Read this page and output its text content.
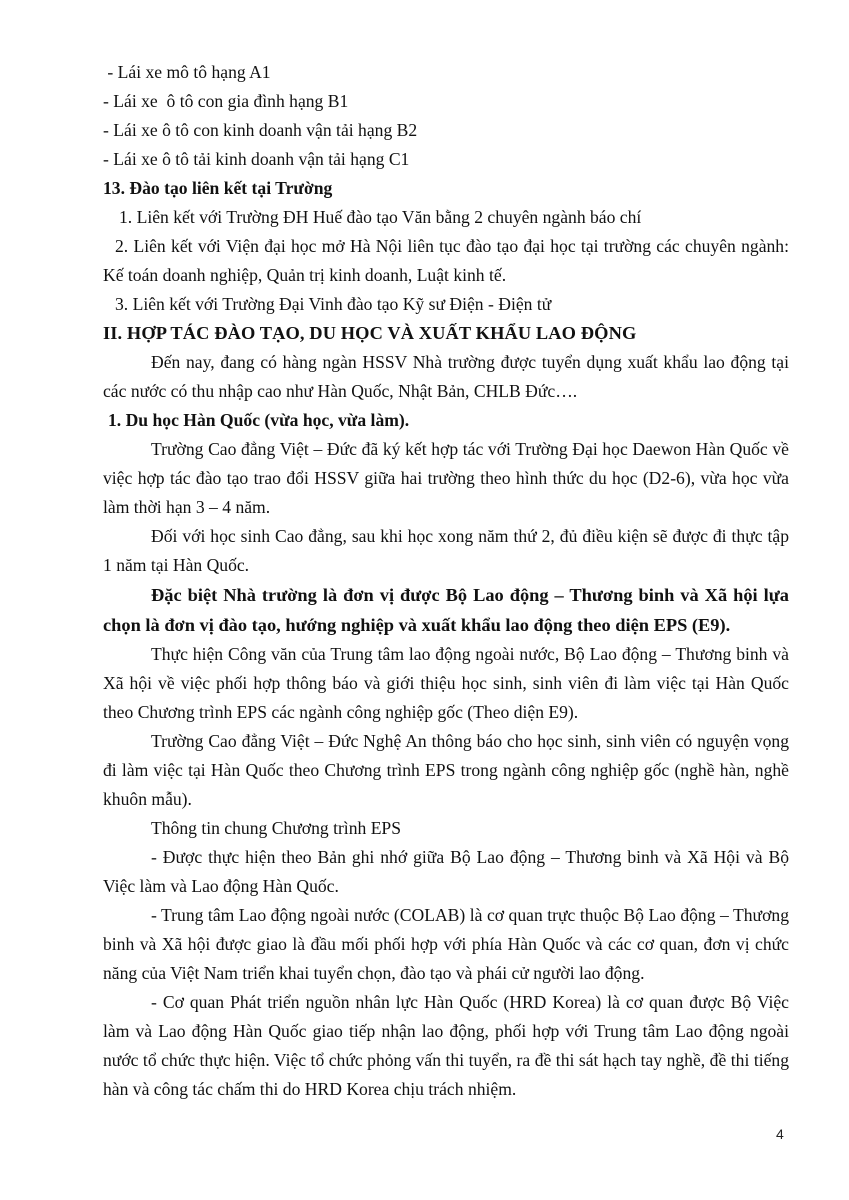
- Lái xe mô tô hạng A1

- Lái xe  ô tô con gia đình hạng B1

- Lái xe ô tô con kinh doanh vận tải hạng B2

- Lái xe ô tô tải kinh doanh vận tải hạng C1

13. Đào tạo liên kết tại Trường

1. Liên kết với Trường ĐH Huế đào tạo Văn bằng 2 chuyên ngành báo chí

2. Liên kết với Viện đại học mở Hà Nội liên tục đào tạo đại học tại trường các chuyên ngành: Kế toán doanh nghiệp, Quản trị kinh doanh, Luật kinh tế.

3. Liên kết với Trường Đại Vinh đào tạo Kỹ sư Điện - Điện tử

II. HỢP TÁC ĐÀO TẠO, DU HỌC VÀ XUẤT KHẨU LAO ĐỘNG

Đến nay, đang có hàng ngàn HSSV Nhà trường được tuyển dụng xuất khẩu lao động tại các nước có thu nhập cao như Hàn Quốc, Nhật Bản, CHLB Đức….

1. Du học Hàn Quốc (vừa học, vừa làm).

Trường Cao đẳng Việt – Đức đã ký kết hợp tác với Trường Đại học Daewon Hàn Quốc về việc hợp tác đào tạo trao đổi HSSV giữa hai trường theo hình thức du học (D2-6), vừa học vừa làm thời hạn 3 – 4 năm.

Đối với học sinh Cao đẳng, sau khi học xong năm thứ 2, đủ điều kiện sẽ được đi thực tập 1 năm tại Hàn Quốc.

Đặc biệt Nhà trường là đơn vị được Bộ Lao động – Thương binh và Xã hội lựa chọn là đơn vị đào tạo, hướng nghiệp và xuất khẩu lao động theo diện EPS (E9).

Thực hiện Công văn của Trung tâm lao động ngoài nước, Bộ Lao động – Thương binh và Xã hội về việc phối hợp thông báo và giới thiệu học sinh, sinh viên đi làm việc tại Hàn Quốc theo Chương trình EPS các ngành công nghiệp gốc (Theo diện E9).

Trường Cao đẳng Việt – Đức Nghệ An thông báo cho học sinh, sinh viên có nguyện vọng đi làm việc tại Hàn Quốc theo Chương trình EPS trong ngành công nghiệp gốc (nghề hàn, nghề khuôn mẫu).

Thông tin chung Chương trình EPS

- Được thực hiện theo Bản ghi nhớ giữa Bộ Lao động – Thương binh và Xã Hội và Bộ Việc làm và Lao động Hàn Quốc.

- Trung tâm Lao động ngoài nước (COLAB) là cơ quan trực thuộc Bộ Lao động – Thương binh và Xã hội được giao là đầu mối phối hợp với phía Hàn Quốc và các cơ quan, đơn vị chức năng của Việt Nam triển khai tuyển chọn, đào tạo và phái cử người lao động.

- Cơ quan Phát triển nguồn nhân lực Hàn Quốc (HRD Korea) là cơ quan được Bộ Việc làm và Lao động Hàn Quốc giao tiếp nhận lao động, phối hợp với Trung tâm Lao động ngoài nước tổ chức thực hiện. Việc tổ chức phỏng vấn thi tuyển, ra đề thi sát hạch tay nghề, đề thi tiếng hàn và công tác chấm thi do HRD Korea chịu trách nhiệm.

4
